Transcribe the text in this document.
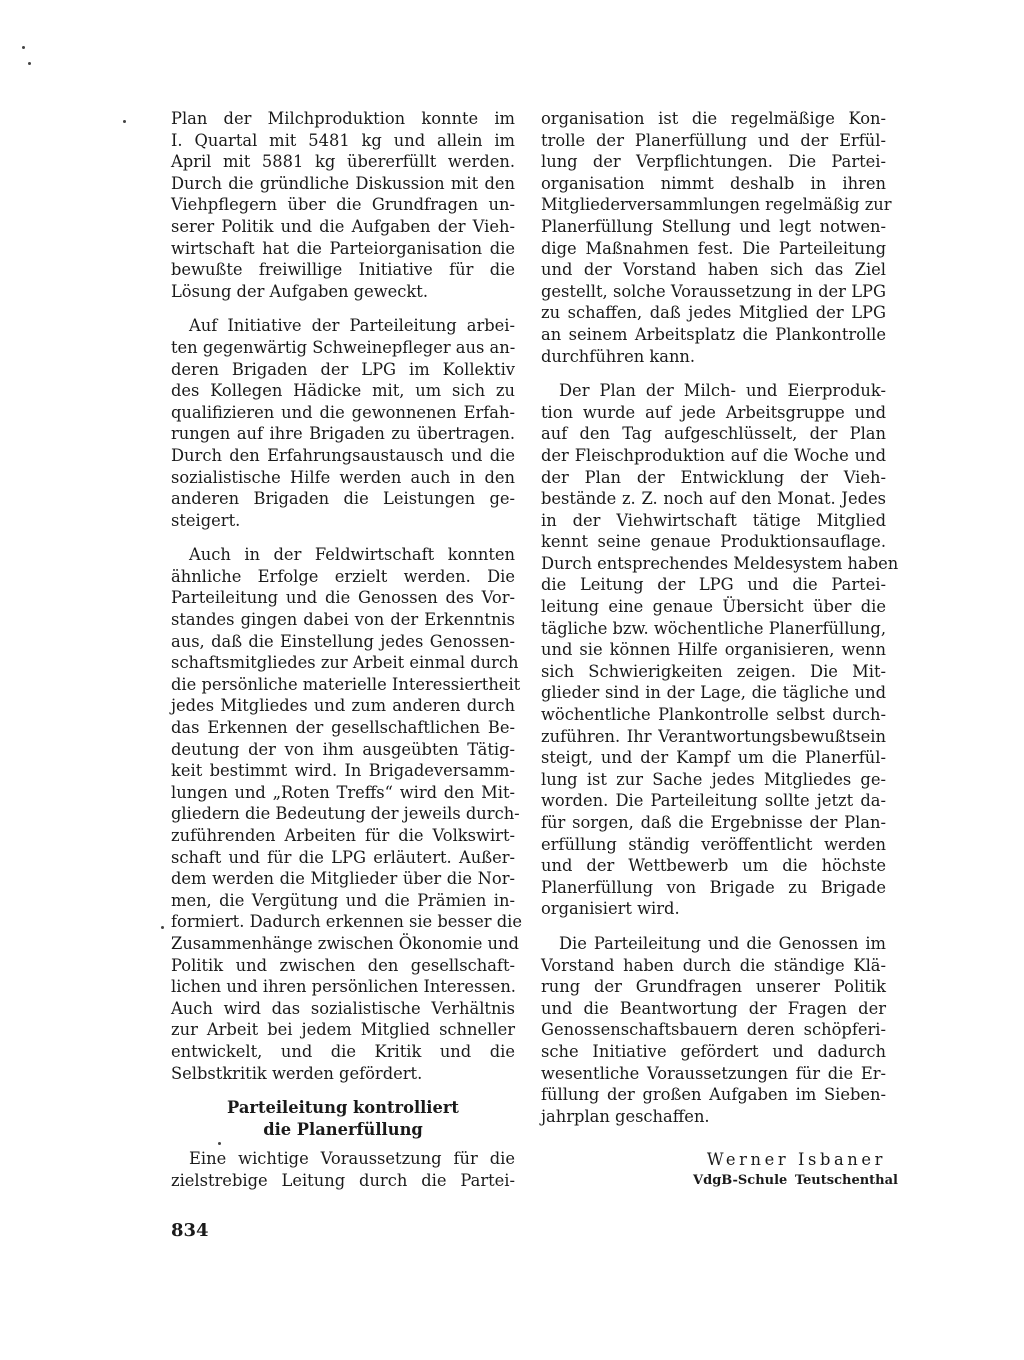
Plan der Milchproduktion konnte im
I. Quartal mit 5481 kg und allein im
April mit 5881 kg übererfüllt werden.
Durch die gründliche Diskussion mit den
Viehpflegern über die Grundfragen un-
serer Politik und die Aufgaben der Vieh-
wirtschaft hat die Parteiorganisation die
bewußte freiwillige Initiative für die
Lösung der Aufgaben geweckt.
Auf Initiative der Parteileitung arbei-
ten gegenwärtig Schweinepfleger aus an-
deren Brigaden der LPG im Kollektiv
des Kollegen Hädicke mit, um sich zu
qualifizieren und die gewonnenen Erfah-
rungen auf ihre Brigaden zu übertragen.
Durch den Erfahrungsaustausch und die
sozialistische Hilfe werden auch in den
anderen Brigaden die Leistungen ge-
steigert.
Auch in der Feldwirtschaft konnten
ähnliche Erfolge erzielt werden. Die
Parteileitung und die Genossen des Vor-
standes gingen dabei von der Erkenntnis
aus, daß die Einstellung jedes Genossen-
schaftsmitgliedes zur Arbeit einmal durch
die persönliche materielle Interessiertheit
jedes Mitgliedes und zum anderen durch
das Erkennen der gesellschaftlichen Be-
deutung der von ihm ausgeübten Tätig-
keit bestimmt wird. In Brigadeversamm-
lungen und „Roten Treffs“ wird den Mit-
gliedern die Bedeutung der jeweils durch-
zuführenden Arbeiten für die Volkswirt-
schaft und für die LPG erläutert. Außer-
dem werden die Mitglieder über die Nor-
men, die Vergütung und die Prämien in-
formiert. Dadurch erkennen sie besser die
Zusammenhänge zwischen Ökonomie und
Politik und zwischen den gesellschaft-
lichen und ihren persönlichen Interessen.
Auch wird das sozialistische Verhältnis
zur Arbeit bei jedem Mitglied schneller
entwickelt, und die Kritik und die
Selbstkritik werden gefördert.
Parteileitung kontrolliert
die Planerfüllung
Eine wichtige Voraussetzung für die
zielstrebige Leitung durch die Partei-
organisation ist die regelmäßige Kon-
trolle der Planerfüllung und der Erfül-
lung der Verpflichtungen. Die Partei-
organisation nimmt deshalb in ihren
Mitgliederversammlungen regelmäßig zur
Planerfüllung Stellung und legt notwen-
dige Maßnahmen fest. Die Parteileitung
und der Vorstand haben sich das Ziel
gestellt, solche Voraussetzung in der LPG
zu schaffen, daß jedes Mitglied der LPG
an seinem Arbeitsplatz die Plankontrolle
durchführen kann.
Der Plan der Milch- und Eierproduk-
tion wurde auf jede Arbeitsgruppe und
auf den Tag aufgeschlüsselt, der Plan
der Fleischproduktion auf die Woche und
der Plan der Entwicklung der Vieh-
bestände z. Z. noch auf den Monat. Jedes
in der Viehwirtschaft tätige Mitglied
kennt seine genaue Produktionsauflage.
Durch entsprechendes Meldesystem haben
die Leitung der LPG und die Partei-
leitung eine genaue Übersicht über die
tägliche bzw. wöchentliche Planerfüllung,
und sie können Hilfe organisieren, wenn
sich Schwierigkeiten zeigen. Die Mit-
glieder sind in der Lage, die tägliche und
wöchentliche Plankontrolle selbst durch-
zuführen. Ihr Verantwortungsbewußtsein
steigt, und der Kampf um die Planerfül-
lung ist zur Sache jedes Mitgliedes ge-
worden. Die Parteileitung sollte jetzt da-
für sorgen, daß die Ergebnisse der Plan-
erfüllung ständig veröffentlicht werden
und der Wettbewerb um die höchste
Planerfüllung von Brigade zu Brigade
organisiert wird.
Die Parteileitung und die Genossen im
Vorstand haben durch die ständige Klä-
rung der Grundfragen unserer Politik
und die Beantwortung der Fragen der
Genossenschaftsbauern deren schöpferi-
sche Initiative gefördert und dadurch
wesentliche Voraussetzungen für die Er-
füllung der großen Aufgaben im Sieben-
jahrplan geschaffen.
Werner Isbaner
VdgB-Schule Teutschenthal
834
